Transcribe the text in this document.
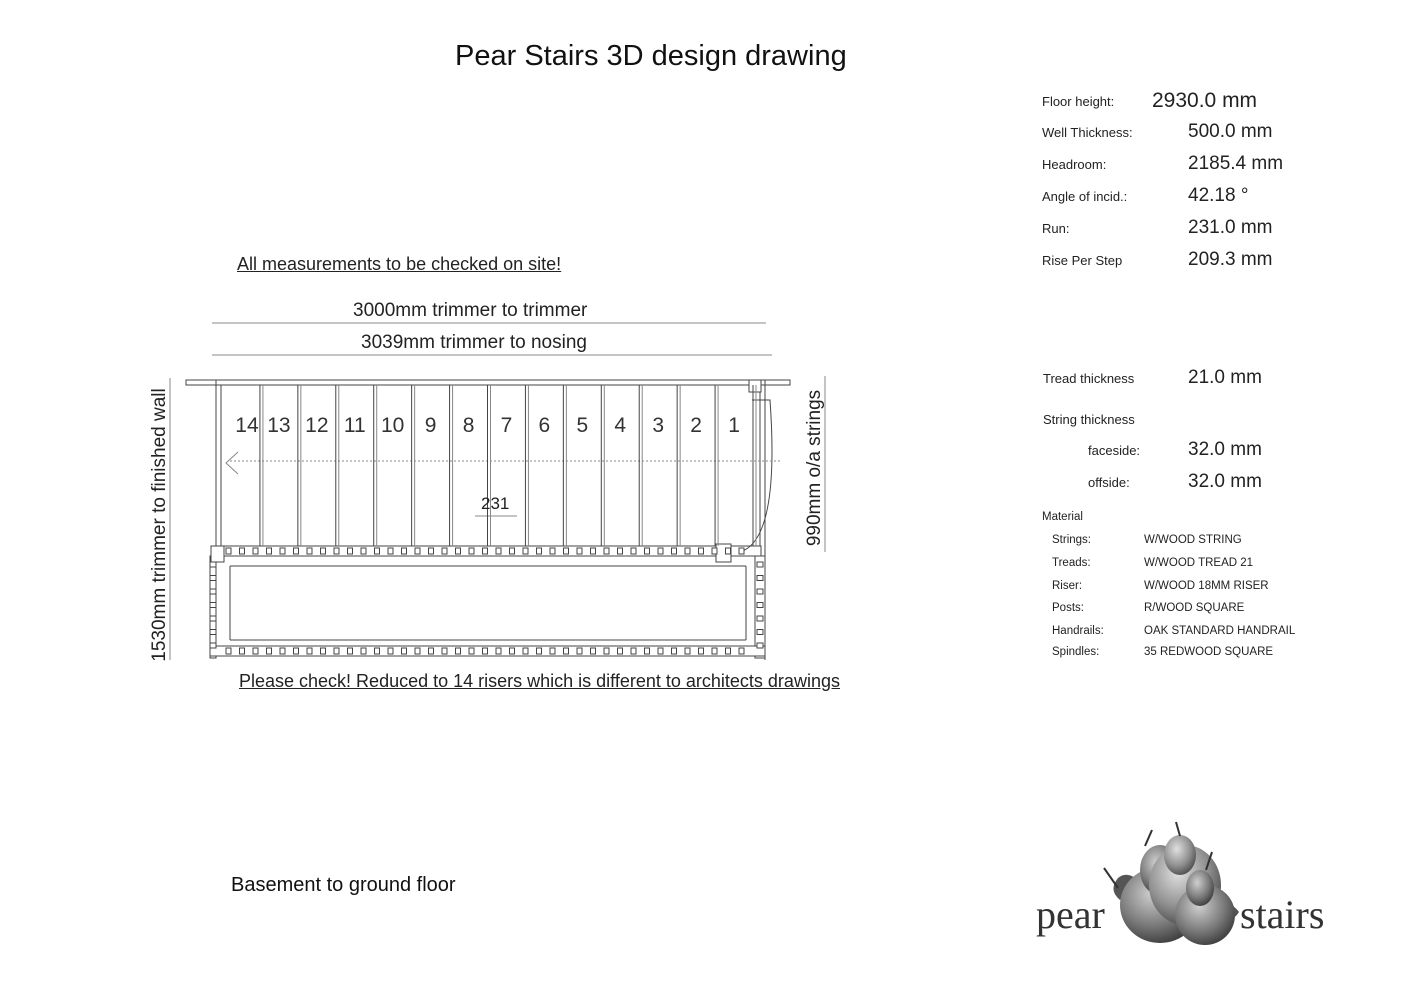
Pear Stairs 3D design drawing
Floor height: 2930.0 mm
Well Thickness:	500.0 mm
Headroom:	2185.4 mm
Angle of incid.:	42.18 °
Run:	231.0 mm
Rise Per Step	209.3 mm
Tread thickness	21.0 mm
String thickness
faceside:	32.0 mm
offside:	32.0 mm
Material
Strings:	W/WOOD STRING
Treads:	W/WOOD TREAD 21
Riser:	W/WOOD 18MM RISER
Posts:	R/WOOD SQUARE
Handrails:	OAK STANDARD HANDRAIL
Spindles:	35 REDWOOD SQUARE
All measurements to be checked on site!
3000mm trimmer to trimmer
3039mm trimmer to nosing
Please check! Reduced to 14 risers which is different to architects drawings
Basement to ground floor
14 13 12 11 10 9 8 7 6 5 4 3 2 1
1530mm trimmer to finished wall	990mm o/a strings
231
pear	stairs
